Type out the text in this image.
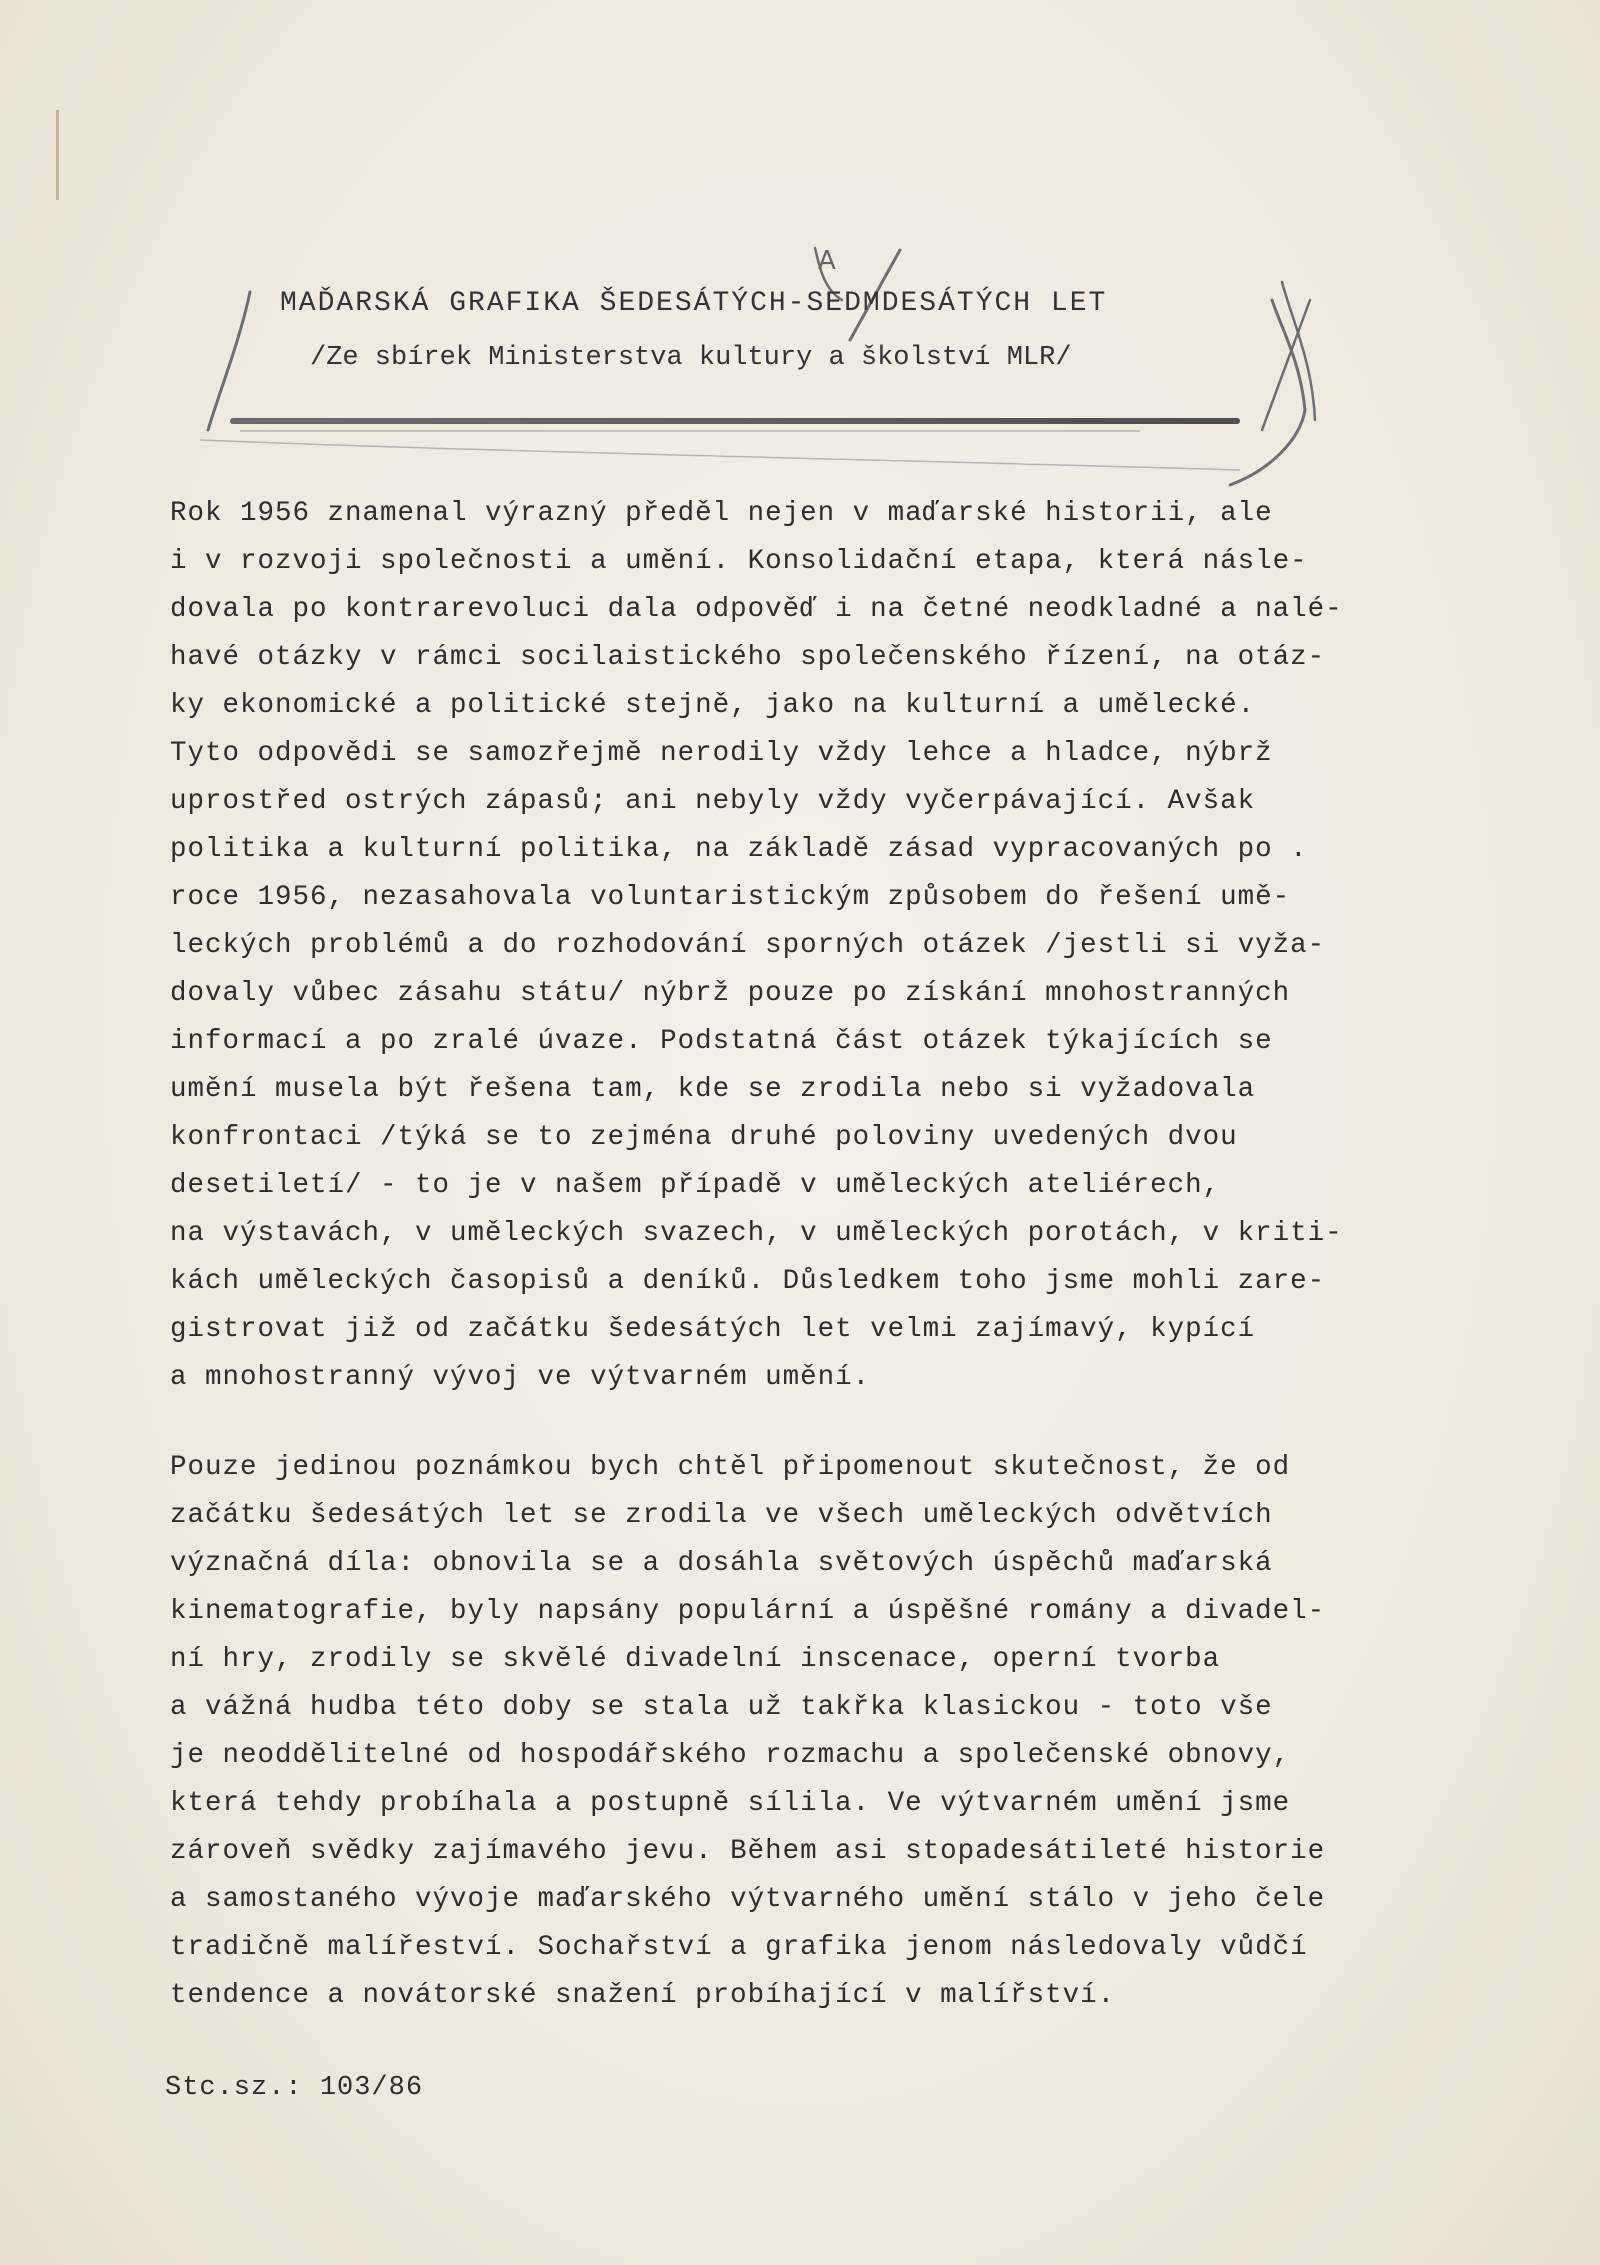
MAĎARSKÁ GRAFIKA ŠEDESÁTÝCH-SEDMDESÁTÝCH LET
/Ze sbírek Ministerstva kultury a školství MLR/
A
Rok 1956 znamenal výrazný předěl nejen v maďarské historii, ale
i v rozvoji společnosti a umění. Konsolidační etapa, která násle-
dovala po kontrarevoluci dala odpověď i na četné neodkladné a nalé-
havé otázky v rámci socilaistického společenského řízení, na otáz-
ky ekonomické a politické stejně, jako na kulturní a umělecké.
Tyto odpovědi se samozřejmě nerodily vždy lehce a hladce, nýbrž
uprostřed ostrých zápasů; ani nebyly vždy vyčerpávající. Avšak
politika a kulturní politika, na základě zásad vypracovaných po .
roce 1956, nezasahovala voluntaristickým způsobem do řešení umě-
leckých problémů a do rozhodování sporných otázek /jestli si vyža-
dovaly vůbec zásahu státu/ nýbrž pouze po získání mnohostranných
informací a po zralé úvaze. Podstatná část otázek týkajících se
umění musela být řešena tam, kde se zrodila nebo si vyžadovala
konfrontaci /týká se to zejména druhé poloviny uvedených dvou
desetiletí/ - to je v našem případě v uměleckých ateliérech,
na výstavách, v uměleckých svazech, v uměleckých porotách, v kriti-
kách uměleckých časopisů a deníků. Důsledkem toho jsme mohli zare-
gistrovat již od začátku šedesátých let velmi zajímavý, kypící
a mnohostranný vývoj ve výtvarném umění.
Pouze jedinou poznámkou bych chtěl připomenout skutečnost, že od
začátku šedesátých let se zrodila ve všech uměleckých odvětvích
význačná díla: obnovila se a dosáhla světových úspěchů maďarská
kinematografie, byly napsány populární a úspěšné romány a divadel-
ní hry, zrodily se skvělé divadelní inscenace, operní tvorba
a vážná hudba této doby se stala už takřka klasickou - toto vše
je neoddělitelné od hospodářského rozmachu a společenské obnovy,
která tehdy probíhala a postupně sílila. Ve výtvarném umění jsme
zároveň svědky zajímavého jevu. Během asi stopadesátileté historie
a samostaného vývoje maďarského výtvarného umění stálo v jeho čele
tradičně malířeství. Sochařství a grafika jenom následovaly vůdčí
tendence a novátorské snažení probíhající v malířství.
Stc.sz.: 103/86
